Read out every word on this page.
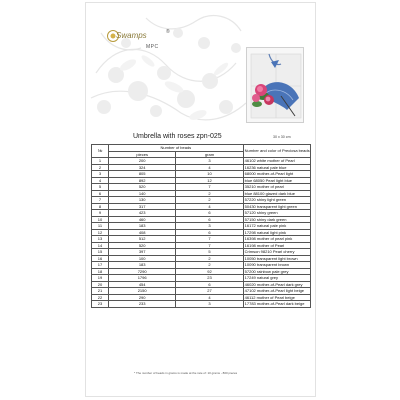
Swamps	®
MPC
Umbrella with roses zpn-025	30 x 30 cm
№	Number of beads		Number and color of Preciosa beads
	pieces	gram	
1	200	3	46102 white mother of Pearl
2	324	4	16236 natural pale blue
3	805	10	68000 mother-of-Pearl light
4	892	12	blue 68050 Pearl light blue
5	520	7	35210 mother of pearl
6	140	2	blue 88100 glazed dark blue
7	130	2	57220 shiny light green
8	317	4	50430 transparent light green
9	423	6	57120 shiny green
10	460	6	57150 shiny dark green
11	183	3	16172 natural pale pink
12	408	6	17298 natural light pink
13	512	7	16398 mother of pearl pink
14	520	7	16198 mother of Pearl
15	397	5	Crimson 98210 Pearl cherry
16	100	2	10050 transparent light brown
17	183	2	10090 transparent brown
18	7290	92	57200 rainbow pale grey
19	1796	23	17249 natural grey
20	454	6	46020 mother-of-Pearl dark grey
21	2150	27	47102 mother-of-Pearl light beige
22	290	4	46112 mother of Pearl beige
23	233	3	17783 mother-of-Pearl dark beige
* The number of beads in grams is made at the rate of: 10 grams - 800 pieces
